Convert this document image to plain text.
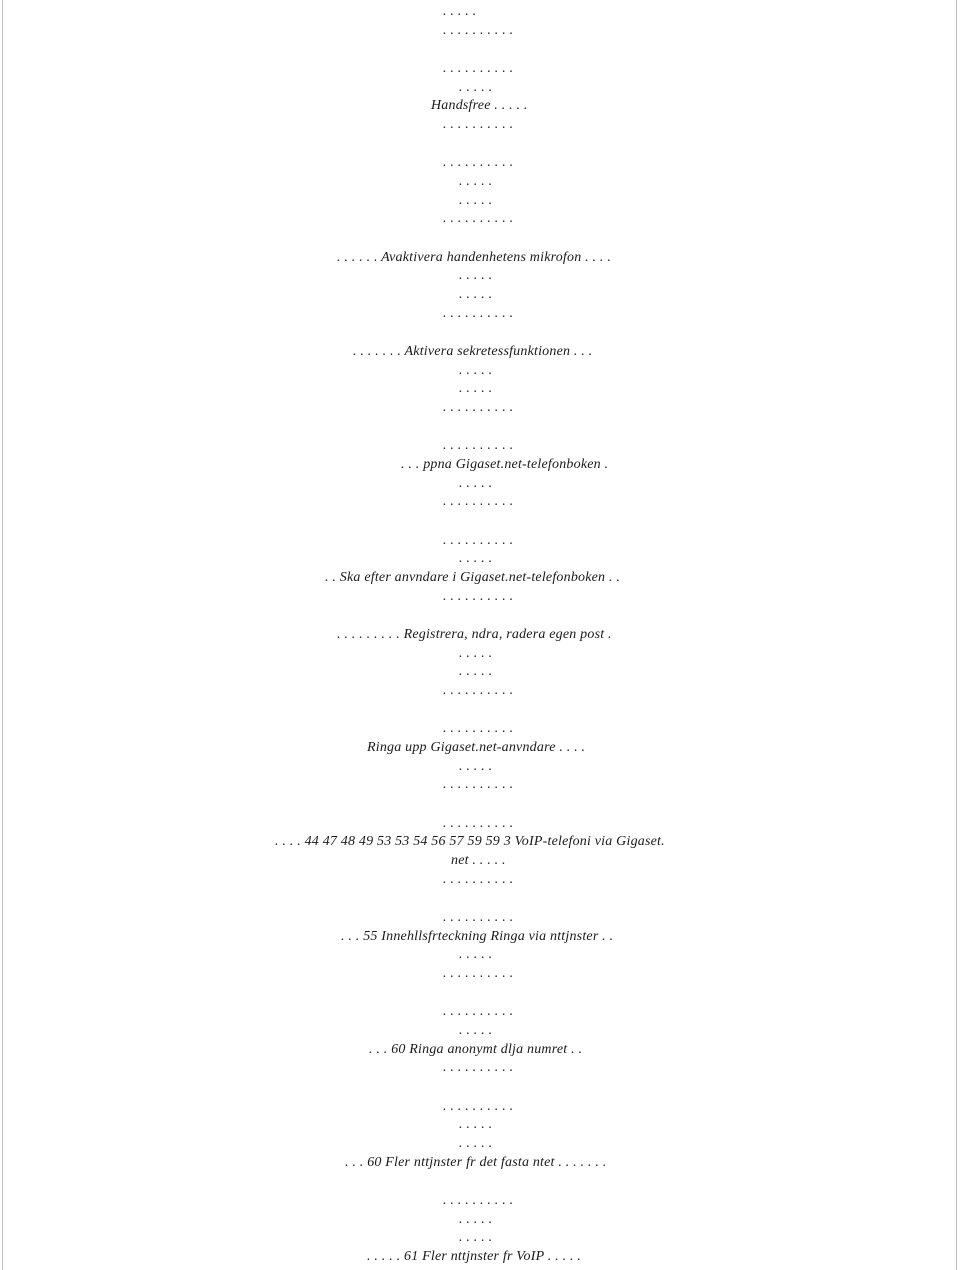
. . . . .
. . . . . . . . . .
. . . . . . . . . .
. . . . .
Handsfree . . . . .
. . . . . . . . . .
. . . . . . . . . .
. . . . .
. . . . .
. . . . . . . . . .
. . . . . . Avaktivera handenhetens mikrofon . . . .
. . . . .
. . . . .
. . . . . . . . . .
. . . . . . . Aktivera sekretessfunktionen . . .
. . . . .
. . . . .
. . . . . . . . . .
. . . . . . . . . .
. . . ppna Gigaset.net-telefonboken .
. . . . .
. . . . . . . . . .
. . . . . . . . . .
. . . . .
. . Ska efter anvndare i Gigaset.net-telefonboken . .
. . . . . . . . . .
. . . . . . . . . Registrera, ndra, radera egen post .
. . . . .
. . . . .
. . . . . . . . . .
. . . . . . . . . .
Ringa upp Gigaset.net-anvndare . . . .
. . . . .
. . . . . . . . . .
. . . . . . . . . .
. . . . 44 47 48 49 53 53 54 56 57 59 59 3 VoIP-telefoni via Gigaset.
net . . . . .
. . . . . . . . . .
. . . . . . . . . .
. . . 55 Innehllsfrteckning Ringa via nttjnster . .
. . . . .
. . . . . . . . . .
. . . . . . . . . .
. . . . .
. . . 60 Ringa anonymt dlja numret . .
. . . . . . . . . .
. . . . . . . . . .
. . . . .
. . . . .
. . . 60 Fler nttjnster fr det fasta ntet . . . . . . .
. . . . . . . . . .
. . . . .
. . . . .
. . . . . 61 Fler nttjnster fr VoIP . . . . .
